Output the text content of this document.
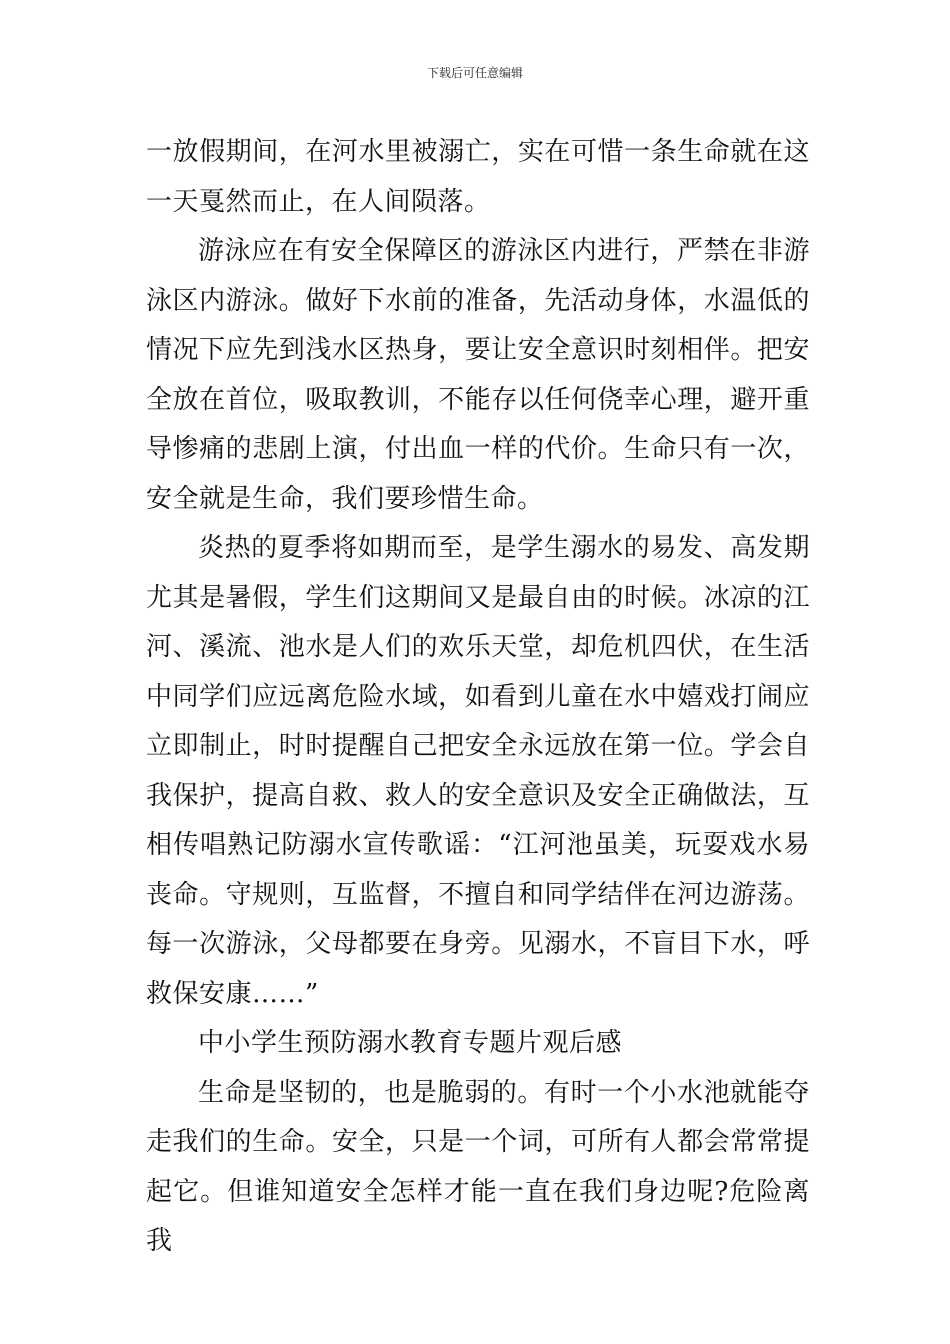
下载后可任意编辑

一放假期间，在河水里被溺亡，实在可惜一条生命就在这一天戛然而止，在人间陨落。

游泳应在有安全保障区的游泳区内进行，严禁在非游泳区内游泳。做好下水前的准备，先活动身体，水温低的情况下应先到浅水区热身，要让安全意识时刻相伴。把安全放在首位，吸取教训，不能存以任何侥幸心理，避开重导惨痛的悲剧上演，付出血一样的代价。生命只有一次，安全就是生命，我们要珍惜生命。

炎热的夏季将如期而至，是学生溺水的易发、高发期尤其是暑假，学生们这期间又是最自由的时候。冰凉的江河、溪流、池水是人们的欢乐天堂，却危机四伏，在生活中同学们应远离危险水域，如看到儿童在水中嬉戏打闹应立即制止，时时提醒自己把安全永远放在第一位。学会自我保护，提高自救、救人的安全意识及安全正确做法，互相传唱熟记防溺水宣传歌谣：“江河池虽美，玩耍戏水易丧命。守规则，互监督，不擅自和同学结伴在河边游荡。每一次游泳，父母都要在身旁。见溺水，不盲目下水，呼救保安康……”

中小学生预防溺水教育专题片观后感

生命是坚韧的，也是脆弱的。有时一个小水池就能夺走我们的生命。安全，只是一个词，可所有人都会常常提起它。但谁知道安全怎样才能一直在我们身边呢?危险离我
